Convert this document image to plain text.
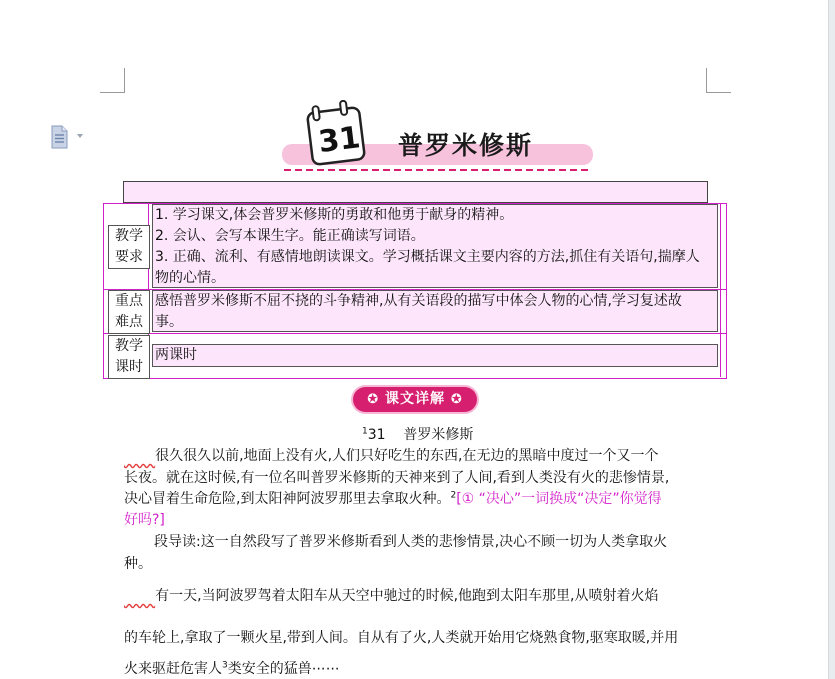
31 普罗米修斯
教学
要求
1. 学习课文,体会普罗米修斯的勇敢和他勇于献身的精神。
2. 会认、会写本课生字。能正确读写词语。
3. 正确、流利、有感情地朗读课文。学习概括课文主要内容的方法,抓住有关语句,揣摩人
物的心情。
重点
难点
感悟普罗米修斯不屈不挠的斗争精神,从有关语段的描写中体会人物的心情,学习复述故
事。
教学
课时
两课时
✪ 课文详解 ✪
$^1$31 普罗米修斯
很久很久以前,地面上没有火,人们只好吃生的东西,在无边的黑暗中度过一个又一个
长夜。就在这时候,有一位名叫普罗米修斯的天神来到了人间,看到人类没有火的悲惨情景,
决心冒着生命危险,到太阳神阿波罗那里去拿取火种。$^2$[① “决心”一词换成“决定”你觉得
好吗?]
段导读:这一自然段写了普罗米修斯看到人类的悲惨情景,决心不顾一切为人类拿取火
种。
有一天,当阿波罗驾着太阳车从天空中驰过的时候,他跑到太阳车那里,从喷射着火焰
的车轮上,拿取了一颗火星,带到人间。自从有了火,人类就开始用它烧熟食物,驱寒取暖,并用
火来驱赶危害人$^3$类安全的猛兽⋯⋯
